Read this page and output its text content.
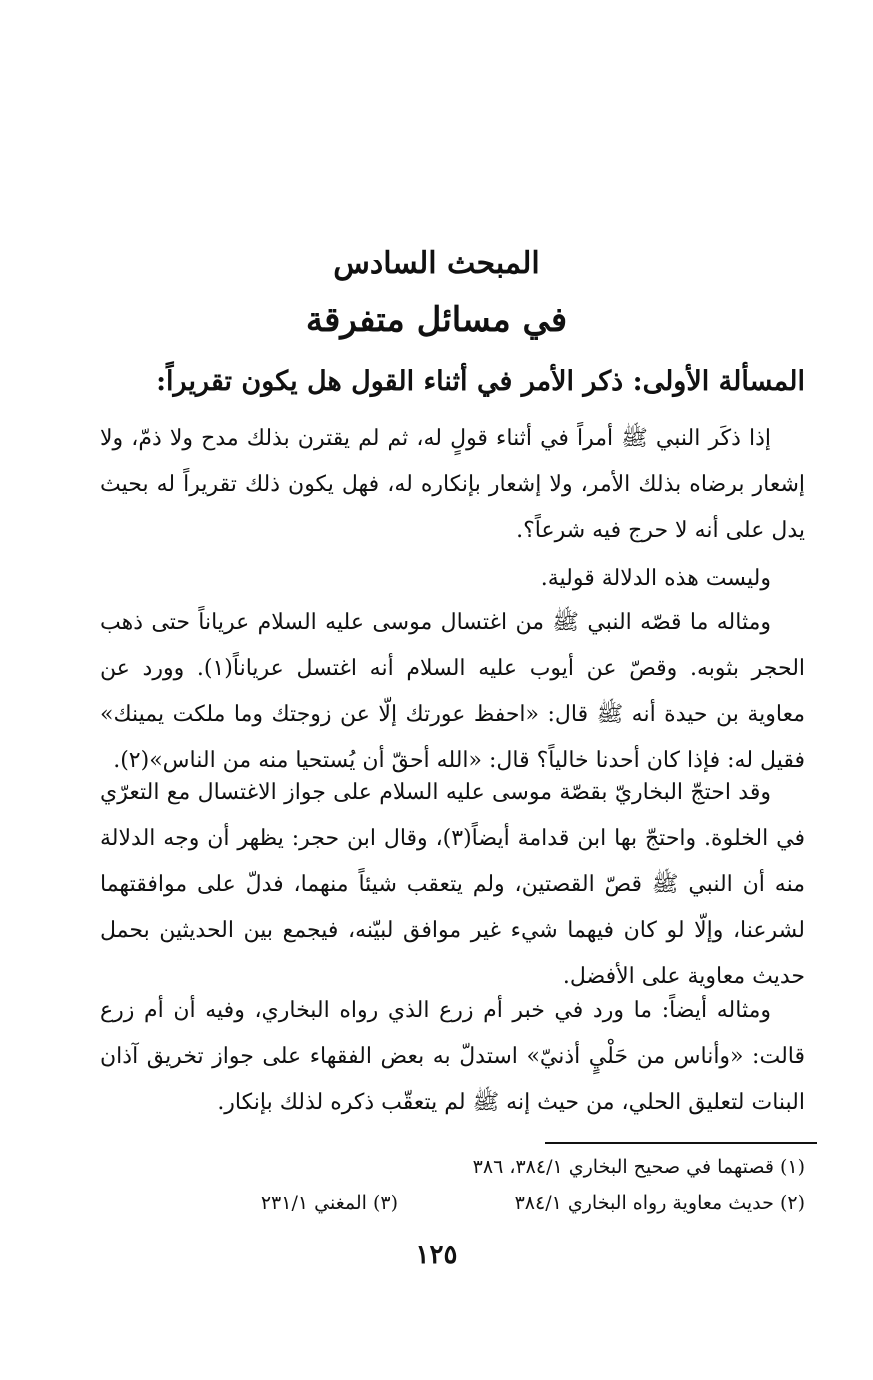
المبحث السادس
في مسائل متفرقة
المسألة الأولى: ذكر الأمر في أثناء القول هل يكون تقريراً:
إذا ذكَر النبي ﷺ أمراً في أثناء قولٍ له، ثم لم يقترن بذلك مدح ولا ذمّ، ولا إشعار برضاه بذلك الأمر، ولا إشعار بإنكاره له، فهل يكون ذلك تقريراً له بحيث يدل على أنه لا حرج فيه شرعاً؟.
وليست هذه الدلالة قولية.
ومثاله ما قصّه النبي ﷺ من اغتسال موسى عليه السلام عرياناً حتى ذهب الحجر بثوبه. وقصّ عن أيوب عليه السلام أنه اغتسل عرياناً(١). وورد عن معاوية بن حيدة أنه ﷺ قال: «احفظ عورتك إلّا عن زوجتك وما ملكت يمينك» فقيل له: فإذا كان أحدنا خالياً؟ قال: «الله أحقّ أن يُستحيا منه من الناس»(٢).
وقد احتجّ البخاريّ بقصّة موسى عليه السلام على جواز الاغتسال مع التعرّي في الخلوة. واحتجّ بها ابن قدامة أيضاً(٣)، وقال ابن حجر: يظهر أن وجه الدلالة منه أن النبي ﷺ قصّ القصتين، ولم يتعقب شيئاً منهما، فدلّ على موافقتهما لشرعنا، وإلّا لو كان فيهما شيء غير موافق لبيّنه، فيجمع بين الحديثين بحمل حديث معاوية على الأفضل.
ومثاله أيضاً: ما ورد في خبر أم زرع الذي رواه البخاري، وفيه أن أم زرع قالت: «وأناس من حَلْيٍ أذنيّ» استدلّ به بعض الفقهاء على جواز تخريق آذان البنات لتعليق الحلي، من حيث إنه ﷺ لم يتعقّب ذكره لذلك بإنكار.
(١) قصتهما في صحيح البخاري ٣٨٤/١، ٣٨٦
(٢) حديث معاوية رواه البخاري ٣٨٤/١
(٣) المغني ٢٣١/١
١٢٥
